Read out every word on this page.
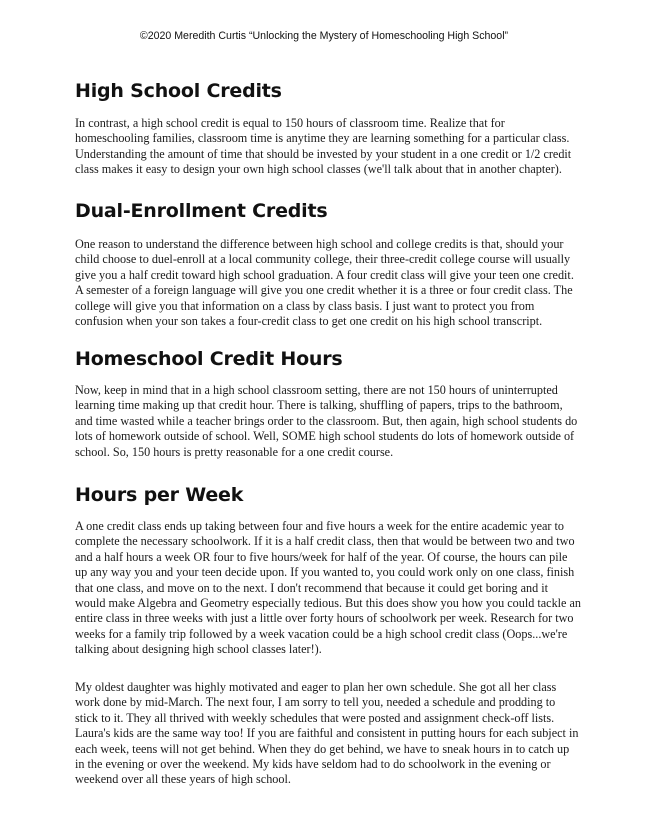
©2020 Meredith Curtis “Unlocking the Mystery of Homeschooling High School”
High School Credits

In contrast, a high school credit is equal to 150 hours of classroom time. Realize that for homeschooling families, classroom time is anytime they are learning something for a particular class. Understanding the amount of time that should be invested by your student in a one credit or 1/2 credit class makes it easy to design your own high school classes (we'll talk about that in another chapter).

Dual-Enrollment Credits

One reason to understand the difference between high school and college credits is that, should your child choose to duel-enroll at a local community college, their three-credit college course will usually give you a half credit toward high school graduation. A four credit class will give your teen one credit. A semester of a foreign language will give you one credit whether it is a three or four credit class. The college will give you that information on a class by class basis. I just want to protect you from confusion when your son takes a four-credit class to get one credit on his high school transcript.

Homeschool Credit Hours

Now, keep in mind that in a high school classroom setting, there are not 150 hours of uninterrupted learning time making up that credit hour. There is talking, shuffling of papers, trips to the bathroom, and time wasted while a teacher brings order to the classroom. But, then again, high school students do lots of homework outside of school. Well, SOME high school students do lots of homework outside of school. So, 150 hours is pretty reasonable for a one credit course.

Hours per Week

A one credit class ends up taking between four and five hours a week for the entire academic year to complete the necessary schoolwork. If it is a half credit class, then that would be between two and two and a half hours a week OR four to five hours/week for half of the year. Of course, the hours can pile up any way you and your teen decide upon. If you wanted to, you could work only on one class, finish that one class, and move on to the next. I don't recommend that because it could get boring and it would make Algebra and Geometry especially tedious. But this does show you how you could tackle an entire class in three weeks with just a little over forty hours of schoolwork per week. Research for two weeks for a family trip followed by a week vacation could be a high school credit class (Oops...we're talking about designing high school classes later!).

My oldest daughter was highly motivated and eager to plan her own schedule. She got all her class work done by mid-March. The next four, I am sorry to tell you, needed a schedule and prodding to stick to it. They all thrived with weekly schedules that were posted and assignment check-off lists. Laura's kids are the same way too! If you are faithful and consistent in putting hours for each subject in each week, teens will not get behind. When they do get behind, we have to sneak hours in to catch up in the evening or over the weekend. My kids have seldom had to do schoolwork in the evening or weekend over all these years of high school.
